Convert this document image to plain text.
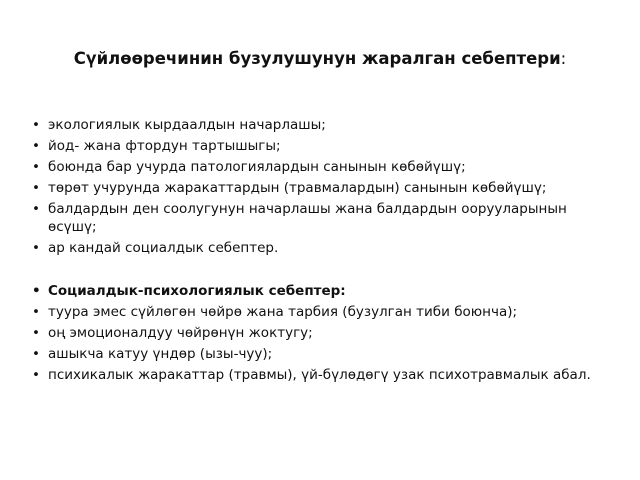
Сүйлөөречинин бузулушунун жаралган себептери:
• экологиялык кырдаалдын начарлашы;
• йод- жана фтордун тартышыгы;
• боюнда бар учурда патологиялардын санынын көбөйүшү;
• төрөт учурунда жаракаттардын (травмалардын) санынын көбөйүшү;
• балдардын ден соолугунун начарлашы жана балдардын оорууларынын өсүшү;
• ар кандай социалдык себептер.
• Социалдык-психологиялык себептер:
• туура эмес сүйлөгөн чөйрө жана тарбия (бузулган тиби боюнча);
• оң эмоционалдуу чөйрөнүн жоктугу;
• ашыкча катуу үндөр (ызы-чуу);
• психикалык жаракаттар (травмы), үй-бүлөдөгү узак психотравмалык абал.
